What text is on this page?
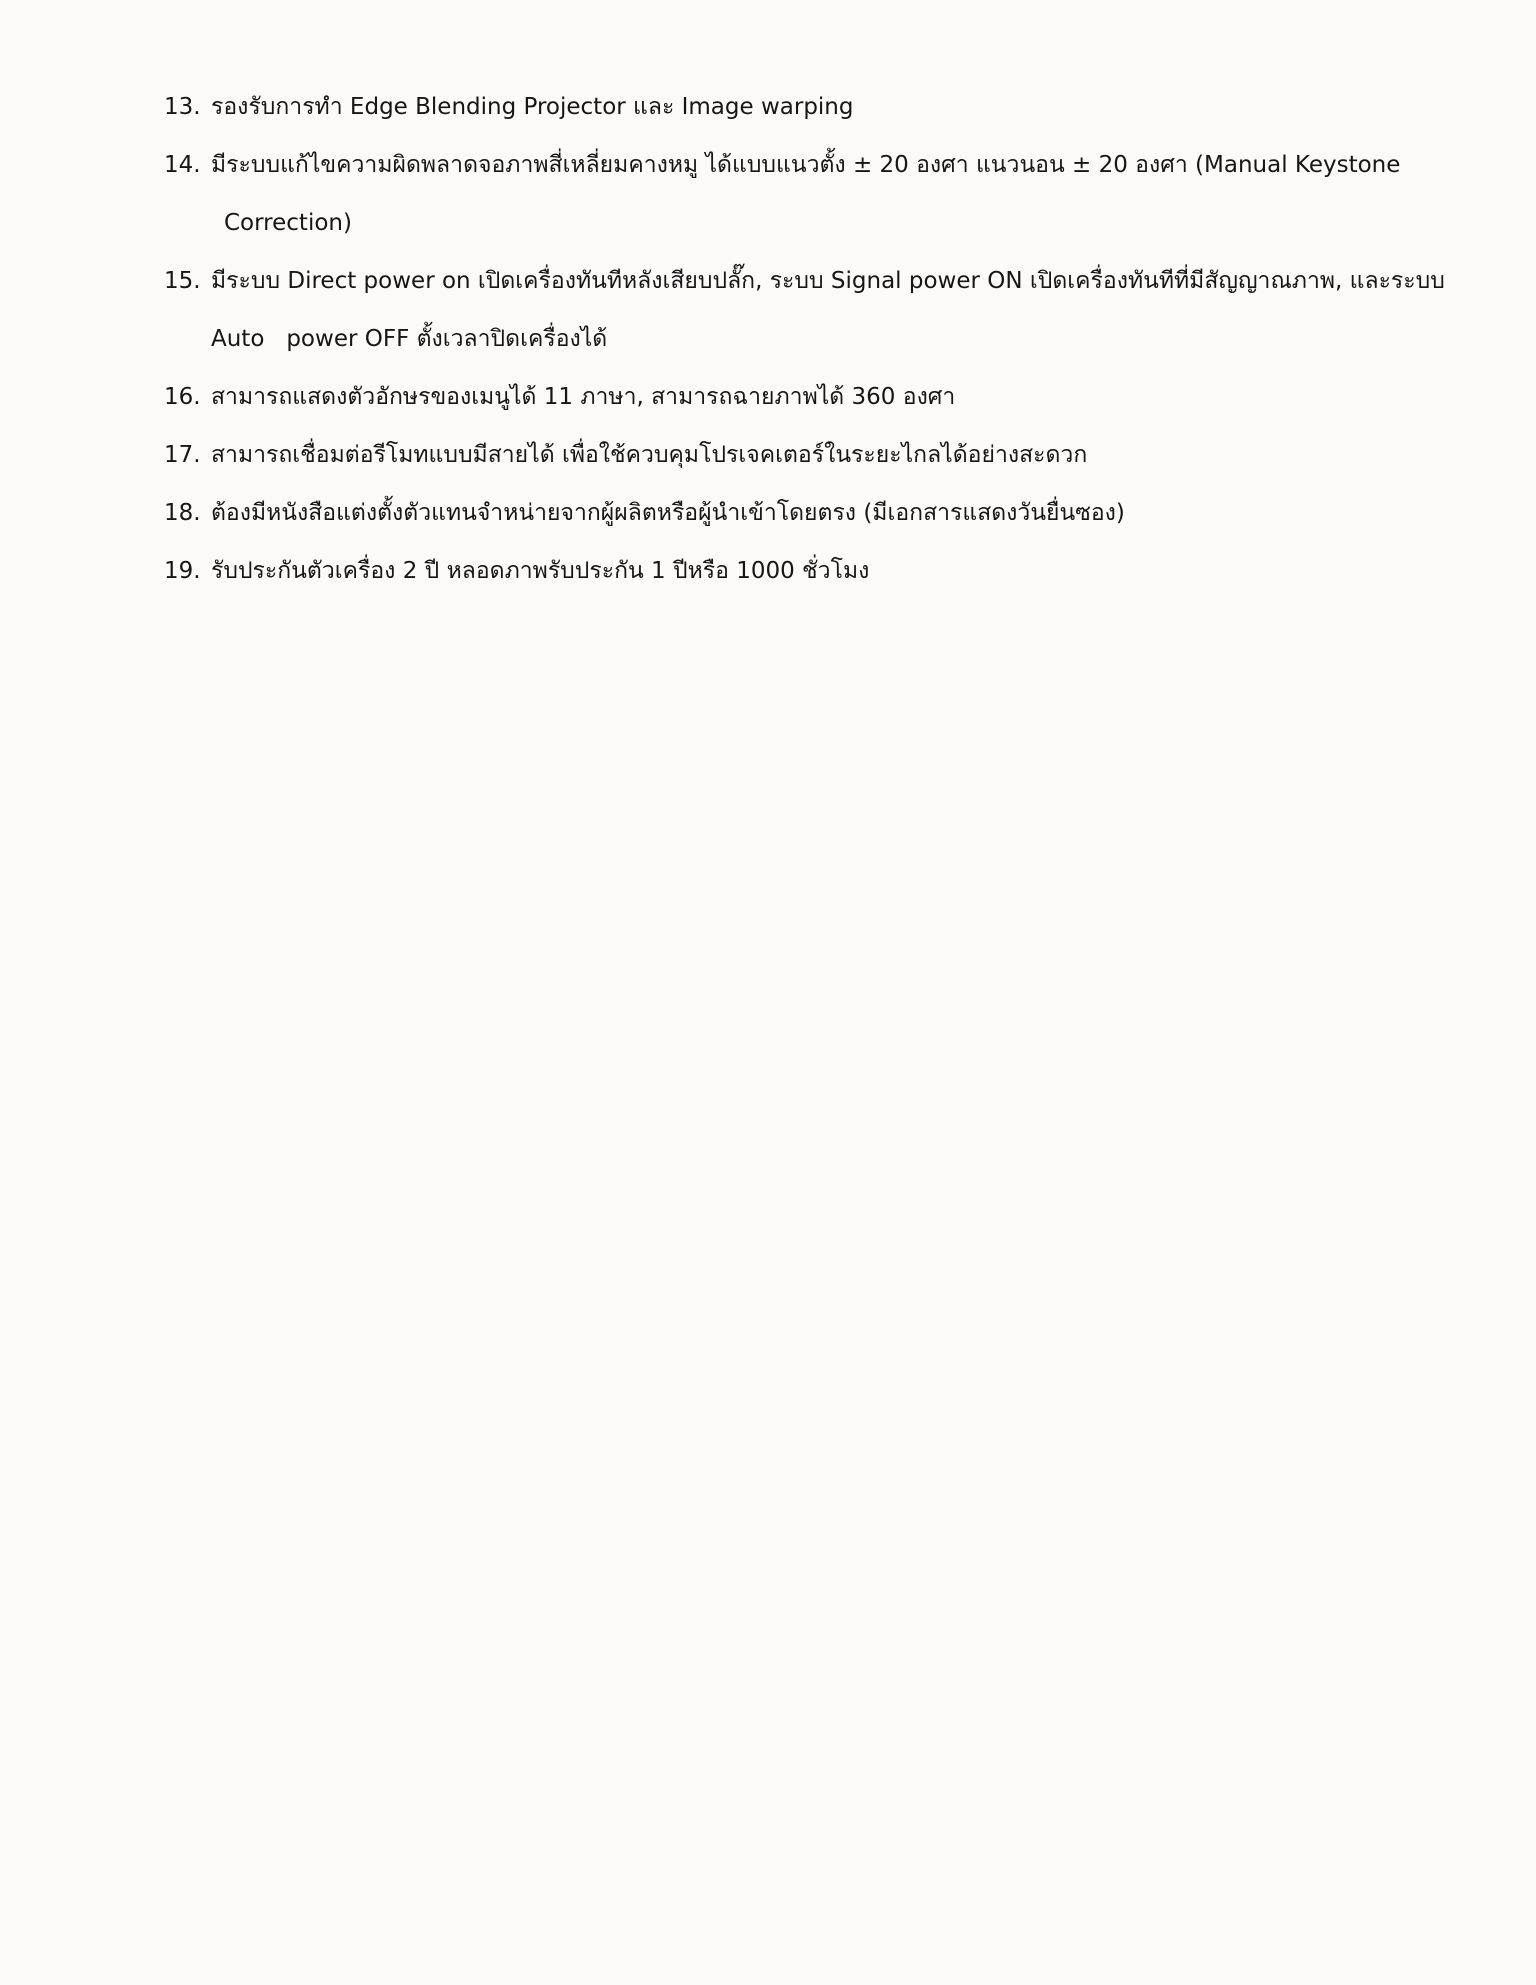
13. รองรับการทำ Edge Blending Projector และ Image warping
14. มีระบบแก้ไขความผิดพลาดจอภาพสี่เหลี่ยมคางหมู ได้แบบแนวตั้ง ± 20 องศา แนวนอน ± 20 องศา (Manual Keystone
Correction)
15. มีระบบ Direct power on เปิดเครื่องทันทีหลังเสียบปลั๊ก, ระบบ Signal power ON เปิดเครื่องทันทีที่มีสัญญาณภาพ, และระบบ
Auto   power OFF ตั้งเวลาปิดเครื่องได้
16. สามารถแสดงตัวอักษรของเมนูได้ 11 ภาษา, สามารถฉายภาพได้ 360 องศา
17. สามารถเชื่อมต่อรีโมทแบบมีสายได้ เพื่อใช้ควบคุมโปรเจคเตอร์ในระยะไกลได้อย่างสะดวก
18. ต้องมีหนังสือแต่งตั้งตัวแทนจำหน่ายจากผู้ผลิตหรือผู้นำเข้าโดยตรง (มีเอกสารแสดงวันยื่นซอง)
19. รับประกันตัวเครื่อง 2 ปี หลอดภาพรับประกัน 1 ปีหรือ 1000 ชั่วโมง
